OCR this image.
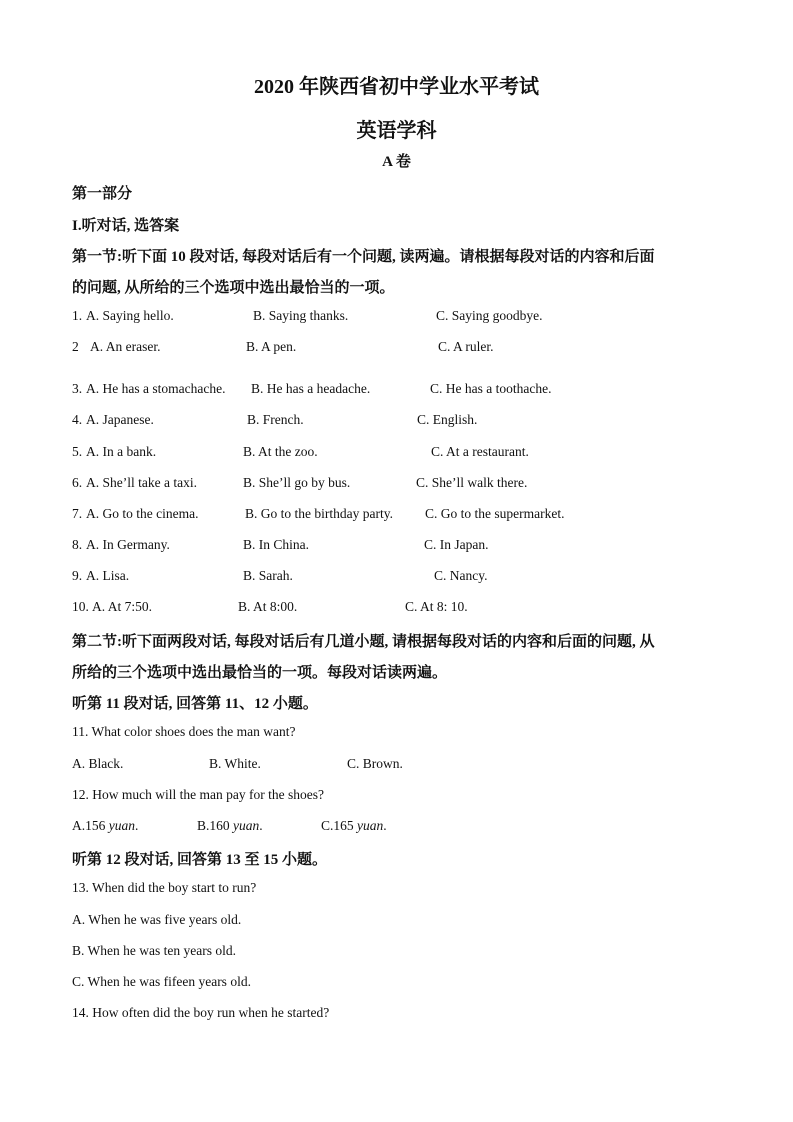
2020 年陕西省初中学业水平考试
英语学科
A 卷
第一部分
I.听对话, 选答案
第一节:听下面 10 段对话, 每段对话后有一个问题, 读两遍。请根据每段对话的内容和后面
的问题, 从所给的三个选项中选出最恰当的一项。
1. A. Saying hello.	B. Saying thanks.	C. Saying goodbye.
2 A. An eraser.	B. A pen.	C. A ruler.
3. A. He has a stomachache. B. He has a headache.	C. He has a toothache.
4. A. Japanese.	B. French.	C. English.
5. A. In a bank.	B. At the zoo.	C. At a restaurant.
6. A. She’ll take a taxi.	B. She’ll go by bus.	C. She’ll walk there.
7. A. Go to the cinema.	B. Go to the birthday party. C. Go to the supermarket.
8. A. In Germany.	B. In China.	C. In Japan.
9. A. Lisa.	B. Sarah.	C. Nancy.
10. A. At 7:50.	B. At 8:00.	C. At 8: 10.
第二节:听下面两段对话, 每段对话后有几道小题, 请根据每段对话的内容和后面的问题, 从
所给的三个选项中选出最恰当的一项。每段对话读两遍。
听第 11 段对话, 回答第 11、12 小题。
11. What color shoes does the man want?
A. Black.	B. White.	C. Brown.
12. How much will the man pay for the shoes?
A.156 yuan.	B.160 yuan.	C.165 yuan.
听第 12 段对话, 回答第 13 至 15 小题。
13. When did the boy start to run?
A. When he was five years old.
B. When he was ten years old.
C. When he was fifeen years old.
14. How often did the boy run when he started?
